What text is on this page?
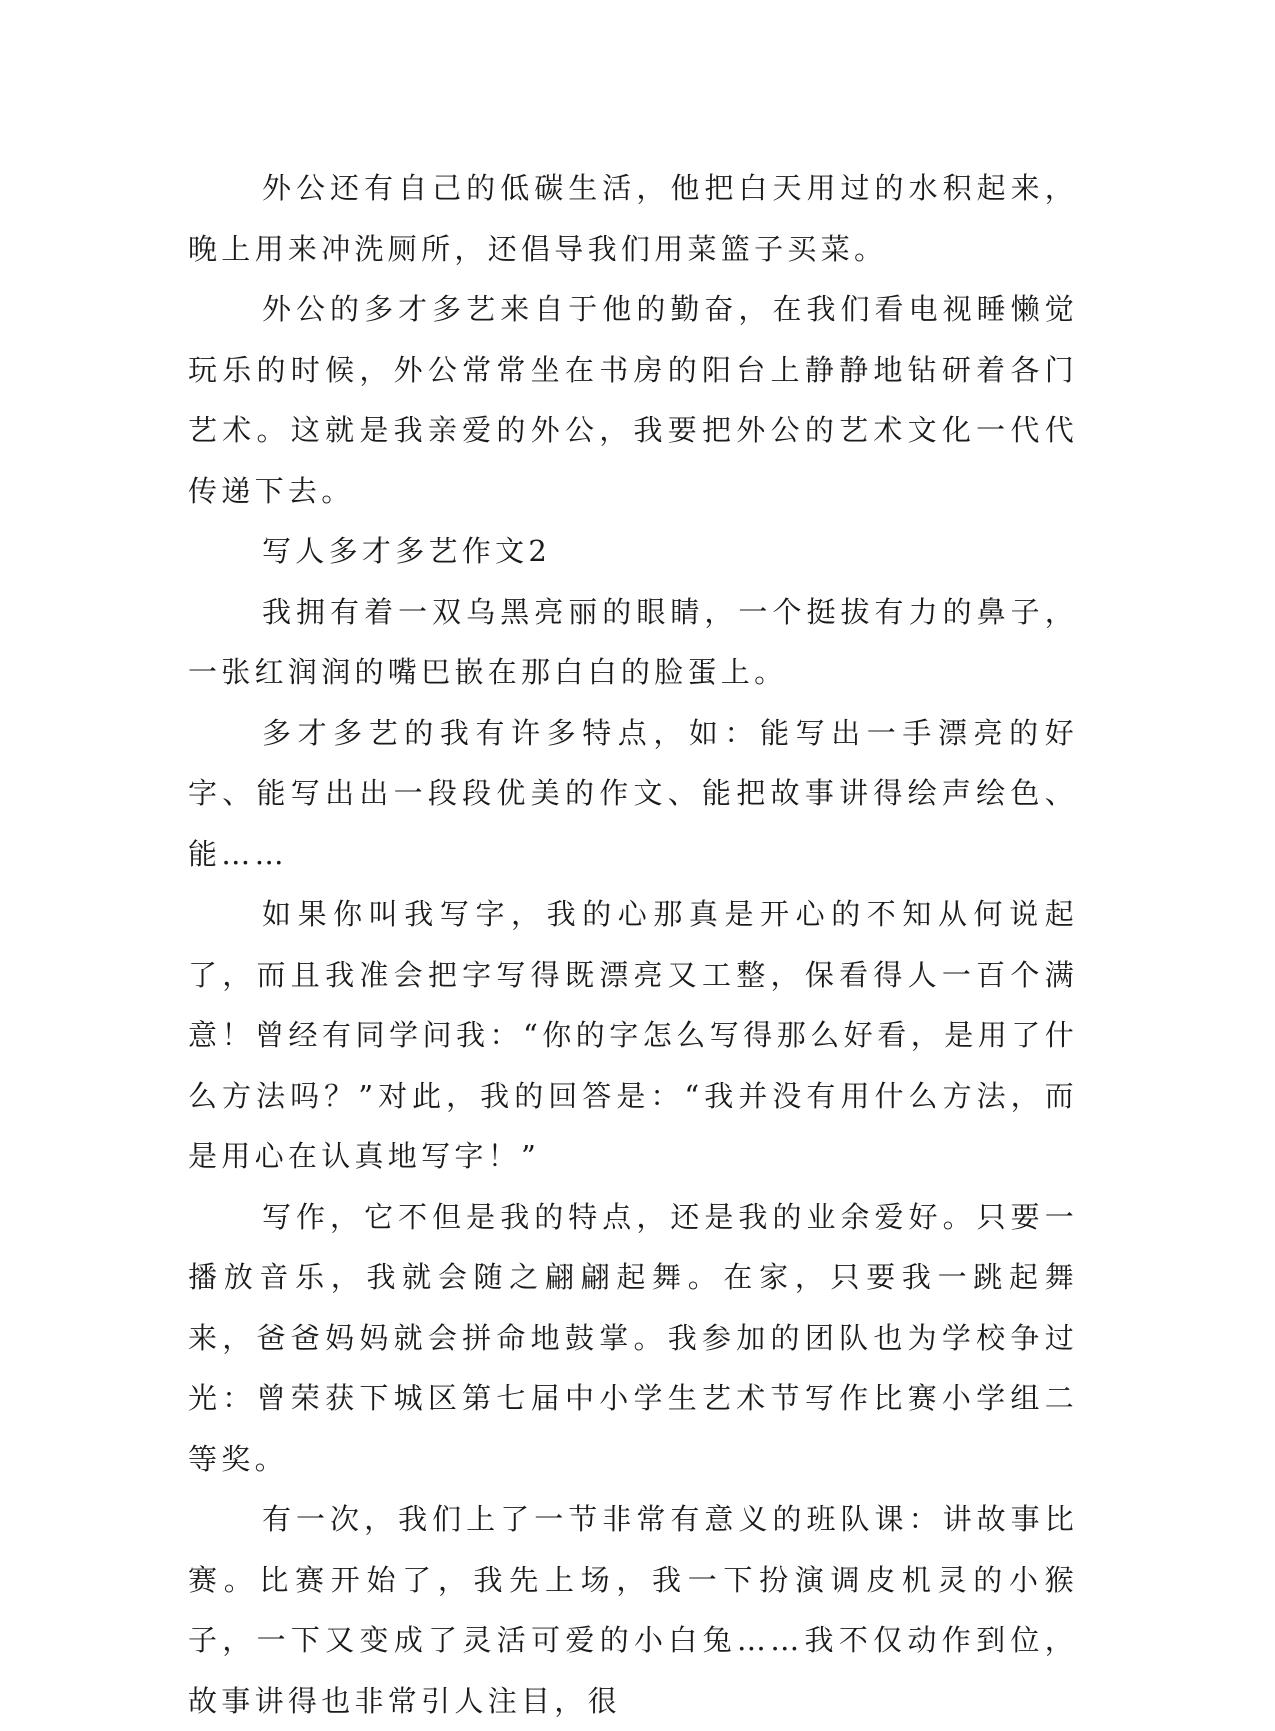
外公还有自己的低碳生活，他把白天用过的水积起来，晚上用来冲洗厕所，还倡导我们用菜篮子买菜。

外公的多才多艺来自于他的勤奋，在我们看电视睡懒觉玩乐的时候，外公常常坐在书房的阳台上静静地钻研着各门艺术。这就是我亲爱的外公，我要把外公的艺术文化一代代传递下去。

写人多才多艺作文2

我拥有着一双乌黑亮丽的眼睛，一个挺拔有力的鼻子，一张红润润的嘴巴嵌在那白白的脸蛋上。

多才多艺的我有许多特点，如：能写出一手漂亮的好字、能写出出一段段优美的作文、能把故事讲得绘声绘色、能……

如果你叫我写字，我的心那真是开心的不知从何说起了，而且我准会把字写得既漂亮又工整，保看得人一百个满意！曾经有同学问我：“你的字怎么写得那么好看，是用了什么方法吗？”对此，我的回答是：“我并没有用什么方法，而是用心在认真地写字！”

写作，它不但是我的特点，还是我的业余爱好。只要一播放音乐，我就会随之翩翩起舞。在家，只要我一跳起舞来，爸爸妈妈就会拼命地鼓掌。我参加的团队也为学校争过光：曾荣获下城区第七届中小学生艺术节写作比赛小学组二等奖。

有一次，我们上了一节非常有意义的班队课：讲故事比赛。比赛开始了，我先上场，我一下扮演调皮机灵的小猴子，一下又变成了灵活可爱的小白兔……我不仅动作到位，故事讲得也非常引人注目，很
